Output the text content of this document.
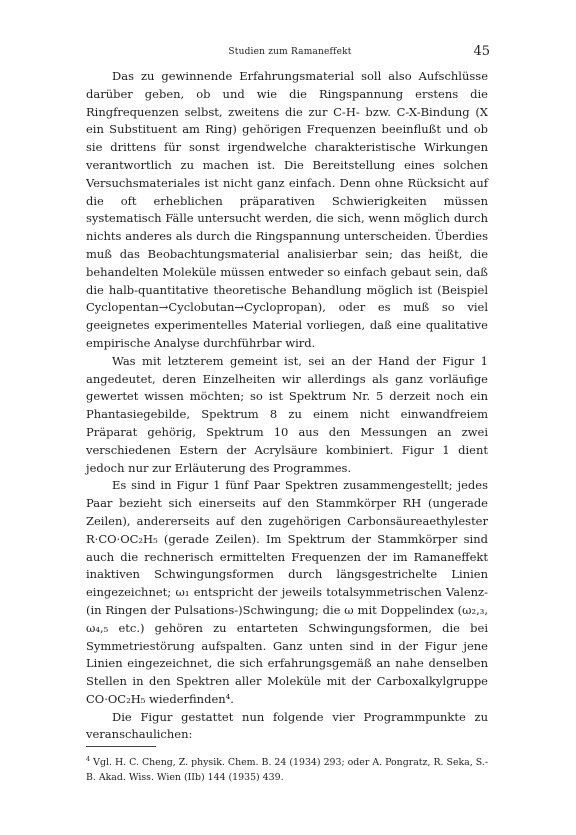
Studien zum Ramaneffekt	45

Das zu gewinnende Erfahrungsmaterial soll also Aufschlüsse darüber geben, ob und wie die Ringspannung erstens die Ringfrequenzen selbst, zweitens die zur C-H- bzw. C-X-Bindung (X ein Substituent am Ring) gehörigen Frequenzen beeinflußt und ob sie drittens für sonst irgendwelche charakteristische Wirkungen verantwortlich zu machen ist. Die Bereitstellung eines solchen Versuchsmateriales ist nicht ganz einfach. Denn ohne Rücksicht auf die oft erheblichen präparativen Schwierigkeiten müssen systematisch Fälle untersucht werden, die sich, wenn möglich durch nichts anderes als durch die Ringspannung unterscheiden. Überdies muß das Beobachtungsmaterial analisierbar sein; das heißt, die behandelten Moleküle müssen entweder so einfach gebaut sein, daß die halb-quantitative theoretische Behandlung möglich ist (Beispiel Cyclopentan→Cyclobutan→Cyclopropan), oder es muß so viel geeignetes experimentelles Material vorliegen, daß eine qualitative empirische Analyse durchführbar wird.

Was mit letzterem gemeint ist, sei an der Hand der Figur 1 angedeutet, deren Einzelheiten wir allerdings als ganz vorläufige gewertet wissen möchten; so ist Spektrum Nr. 5 derzeit noch ein Phantasiegebilde, Spektrum 8 zu einem nicht einwandfreiem Präparat gehörig, Spektrum 10 aus den Messungen an zwei verschiedenen Estern der Acrylsäure kombiniert. Figur 1 dient jedoch nur zur Erläuterung des Programmes.

Es sind in Figur 1 fünf Paar Spektren zusammengestellt; jedes Paar bezieht sich einerseits auf den Stammkörper RH (ungerade Zeilen), andererseits auf den zugehörigen Carbonsäureaethylester R·CO·OC₂H₅ (gerade Zeilen). Im Spektrum der Stammkörper sind auch die rechnerisch ermittelten Frequenzen der im Ramaneffekt inaktiven Schwingungsformen durch längsgestrichelte Linien eingezeichnet; ω₁ entspricht der jeweils totalsymmetrischen Valenz-(in Ringen der Pulsations-)Schwingung; die ω mit Doppelindex (ω₂,₃, ω₄,₅ etc.) gehören zu entarteten Schwingungsformen, die bei Symmetriestörung aufspalten. Ganz unten sind in der Figur jene Linien eingezeichnet, die sich erfahrungsgemäß an nahe denselben Stellen in den Spektren aller Moleküle mit der Carboxalkylgruppe CO·OC₂H₅ wiederfinden⁴.

Die Figur gestattet nun folgende vier Programmpunkte zu veranschaulichen:

$^4$ Vgl. H. C. Cheng, Z. physik. Chem. B. 24 (1934) 293; oder A. Pongratz, R. Seka, S.-B. Akad. Wiss. Wien (IIb) 144 (1935) 439.
